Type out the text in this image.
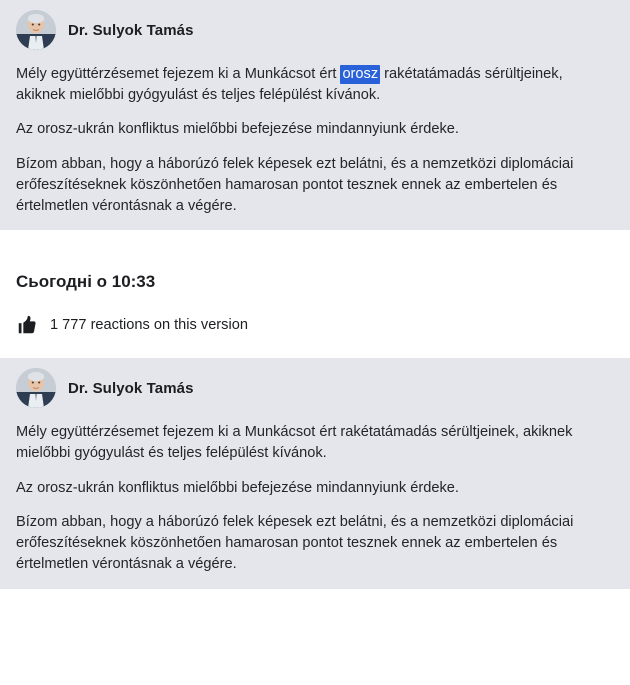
Dr. Sulyok Tamás

Mély együttérzésemet fejezem ki a Munkácsot ért orosz rakétatámadás sérültjeinek, akiknek mielőbbi gyógyulást és teljes felépülést kívánok.

Az orosz-ukrán konfliktus mielőbbi befejezése mindannyiunk érdeke.

Bízom abban, hogy a háborúzó felek képesek ezt belátni, és a nemzetközi diplomáciai erőfeszítéseknek köszönhetően hamarosan pontot tesznek ennek az embertelen és értelmetlen vérontásnak a végére.

Сьогодні о 10:33
1 777 reactions on this version
Dr. Sulyok Tamás

Mély együttérzésemet fejezem ki a Munkácsot ért rakétatámadás sérültjeinek, akiknek mielőbbi gyógyulást és teljes felépülést kívánok.

Az orosz-ukrán konfliktus mielőbbi befejezése mindannyiunk érdeke.

Bízom abban, hogy a háborúzó felek képesek ezt belátni, és a nemzetközi diplomáciai erőfeszítéseknek köszönhetően hamarosan pontot tesznek ennek az embertelen és értelmetlen vérontásnak a végére.
